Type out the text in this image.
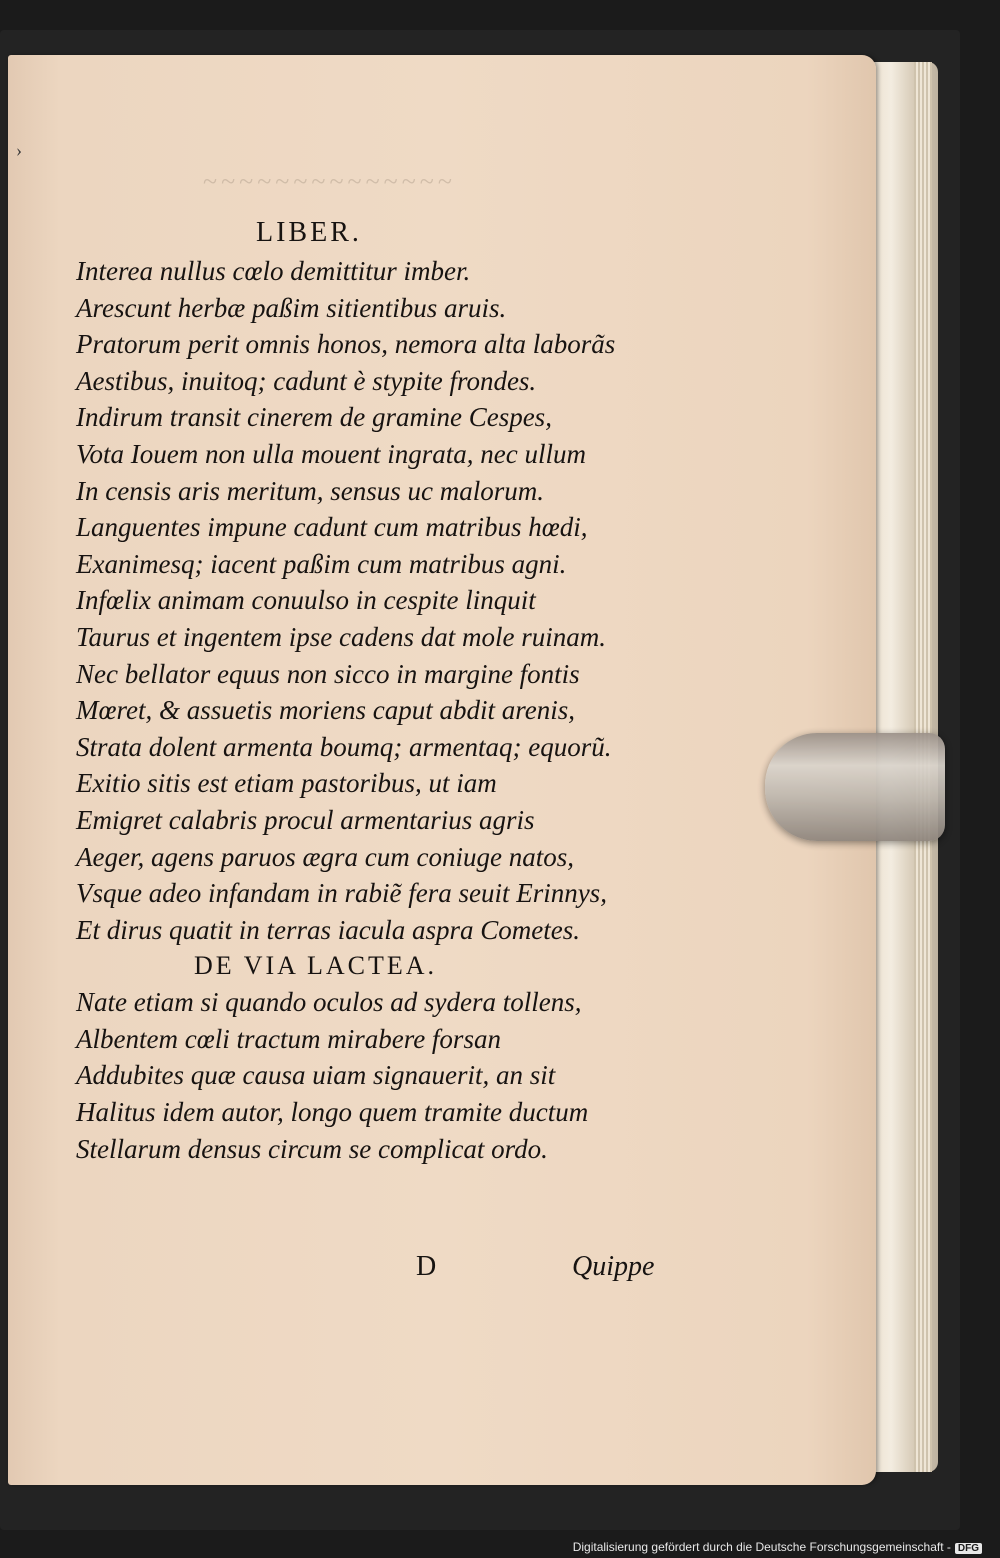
~~~~~~~~~~~~~~
LIBER.
Interea nullus cœlo demittitur imber.
Arescunt herbæ paßim sitientibus aruis.
Pratorum perit omnis honos, nemora alta laborãs
Aestibus, inuitoq; cadunt è stypite frondes.
Indirum transit cinerem de gramine Cespes,
Vota Iouem non ulla mouent ingrata, nec ullum
In censis aris meritum, sensus uc malorum.
Languentes impune cadunt cum matribus hœdi,
Exanimesq; iacent paßim cum matribus agni.
Infœlix animam conuulso in cespite linquit
Taurus et ingentem ipse cadens dat mole ruinam.
Nec bellator equus non sicco in margine fontis
Mœret, & assuetis moriens caput abdit arenis,
Strata dolent armenta boumq; armentaq; equorũ.
Exitio sitis est etiam pastoribus, ut iam
Emigret calabris procul armentarius agris
Aeger, agens paruos ægra cum coniuge natos,
Vsque adeo infandam in rabiẽ fera seuit Erinnys,
Et dirus quatit in terras iacula aspra Cometes.
DE VIA LACTEA.
Nate etiam si quando oculos ad sydera tollens,
Albentem cœli tractum mirabere forsan
Addubites quæ causa uiam signauerit, an sit
Halitus idem autor, longo quem tramite ductum
Stellarum densus circum se complicat ordo.
D	Quippe
›
Digitalisierung gefördert durch die Deutsche Forschungsgemeinschaft - DFG
